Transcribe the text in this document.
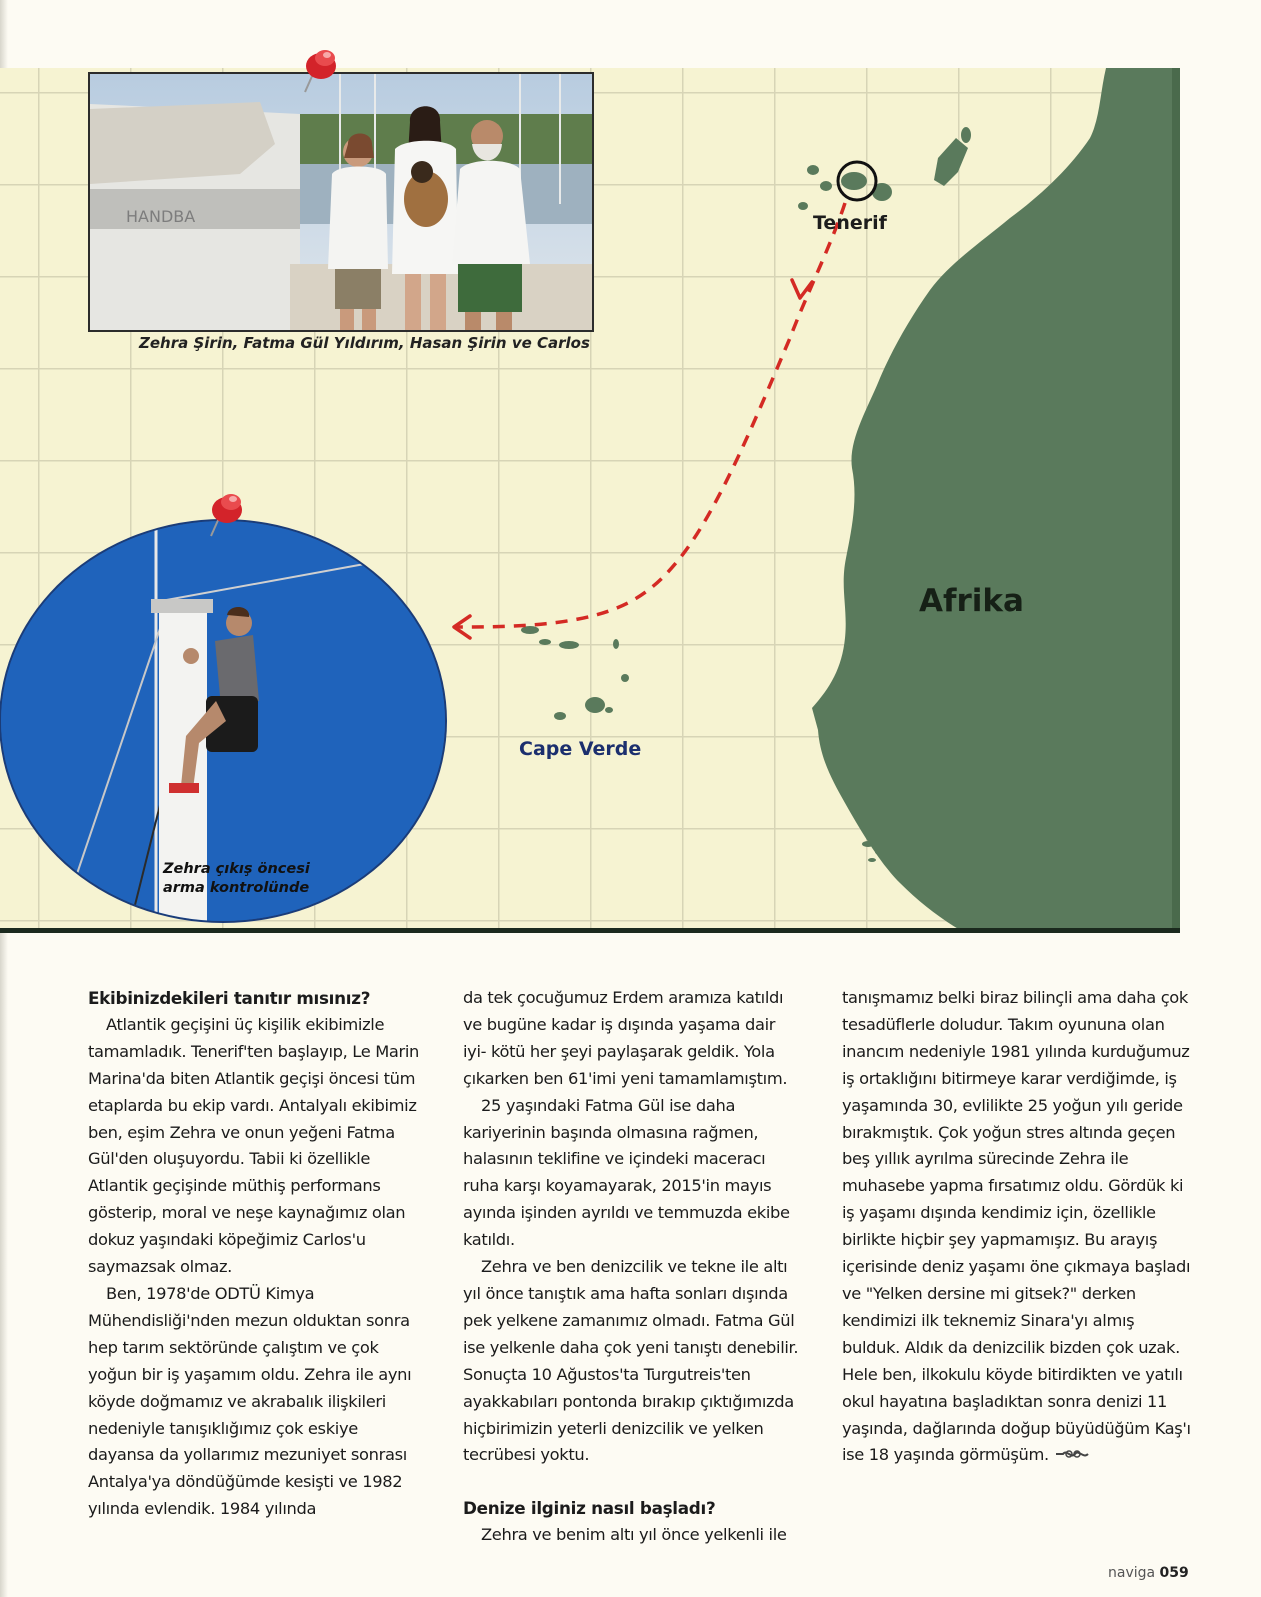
Tenerif
Cape Verde
Afrika
HANDBA
Zehra Şirin, Fatma Gül Yıldırım, Hasan Şirin ve Carlos
Zehra çıkış öncesi
arma kontrolünde
Ekibinizdekileri tanıtır mısınız?

Atlantik geçişini üç kişilik ekibimizle tamamladık. Tenerif'ten başlayıp, Le Marin Marina'da biten Atlantik geçişi öncesi tüm etaplarda bu ekip vardı. Antalyalı ekibimiz ben, eşim Zehra ve onun yeğeni Fatma Gül'den oluşuyordu. Tabii ki özellikle Atlantik geçişinde müthiş performans gösterip, moral ve neşe kaynağımız olan dokuz yaşındaki köpeğimiz Carlos'u saymazsak olmaz.

Ben, 1978'de ODTÜ Kimya Mühendisliği'nden mezun olduktan sonra hep tarım sektöründe çalıştım ve çok yoğun bir iş yaşamım oldu. Zehra ile aynı köyde doğmamız ve akrabalık ilişkileri nedeniyle tanışıklığımız çok eskiye dayansa da yollarımız mezuniyet sonrası Antalya'ya döndüğümde kesişti ve 1982 yılında evlendik. 1984 yılında

da tek çocuğumuz Erdem aramıza katıldı ve bugüne kadar iş dışında yaşama dair iyi- kötü her şeyi paylaşarak geldik. Yola çıkarken ben 61'imi yeni tamamlamıştım.

25 yaşındaki Fatma Gül ise daha kariyerinin başında olmasına rağmen, halasının teklifine ve içindeki maceracı ruha karşı koyamayarak, 2015'in mayıs ayında işinden ayrıldı ve temmuzda ekibe katıldı.

Zehra ve ben denizcilik ve tekne ile altı yıl önce tanıştık ama hafta sonları dışında pek yelkene zamanımız olmadı. Fatma Gül ise yelkenle daha çok yeni tanıştı denebilir. Sonuçta 10 Ağustos'ta Turgutreis'ten ayakkabıları pontonda bırakıp çıktığımızda hiçbirimizin yeterli denizcilik ve yelken tecrübesi yoktu.

Denize ilginiz nasıl başladı?

Zehra ve benim altı yıl önce yelkenli ile

tanışmamız belki biraz bilinçli ama daha çok tesadüflerle doludur. Takım oyununa olan inancım nedeniyle 1981 yılında kurduğumuz iş ortaklığını bitirmeye karar verdiğimde, iş yaşamında 30, evlilikte 25 yoğun yılı geride bırakmıştık. Çok yoğun stres altında geçen beş yıllık ayrılma sürecinde Zehra ile muhasebe yapma fırsatımız oldu. Gördük ki iş yaşamı dışında kendimiz için, özellikle birlikte hiçbir şey yapmamışız. Bu arayış içerisinde deniz yaşamı öne çıkmaya başladı ve "Yelken dersine mi gitsek?" derken kendimizi ilk teknemiz Sinara'yı almış bulduk. Aldık da denizcilik bizden çok uzak. Hele ben, ilkokulu köyde bitirdikten ve yatılı okul hayatına başladıktan sonra denizi 11 yaşında, dağlarında doğup büyüdüğüm Kaş'ı ise 18 yaşında görmüşüm.

naviga 059
